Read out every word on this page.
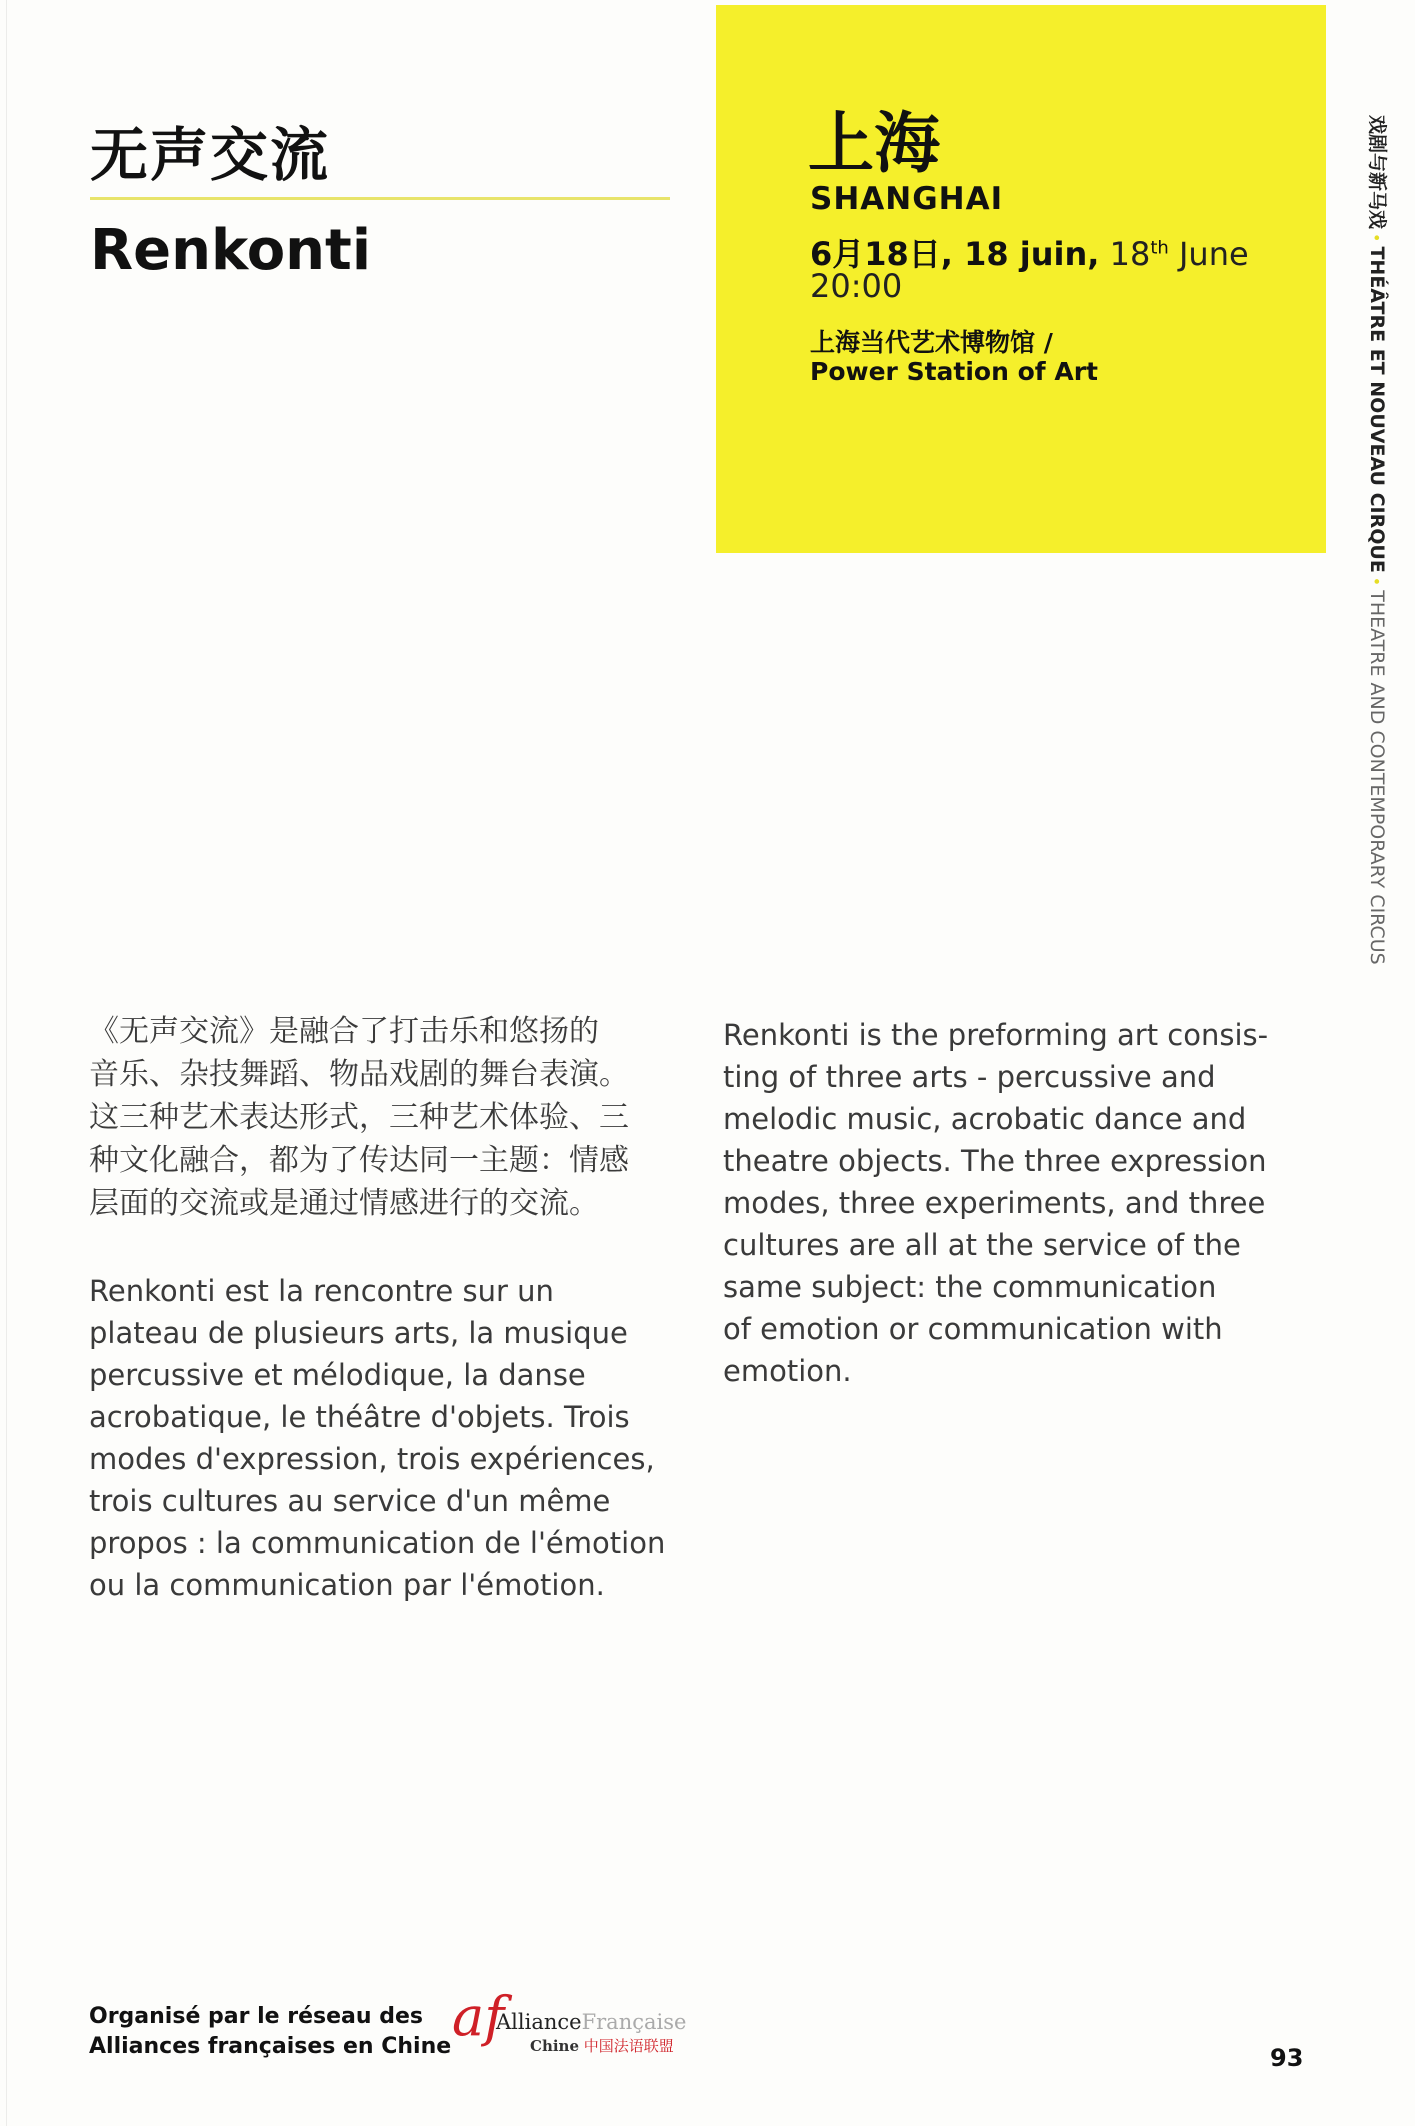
无声交流
Renkonti
上海
SHANGHAI
6月18日, 18 juin, 18th June
20:00
上海当代艺术博物馆 /
Power Station of Art
戏剧与新马戏•THÉÂTRE ET NOUVEAU CIRQUE•THEATRE AND CONTEMPORARY CIRCUS

《无声交流》是融合了打击乐和悠扬的

音乐、杂技舞蹈、物品戏剧的舞台表演。

这三种艺术表达形式，三种艺术体验、三

种文化融合，都为了传达同一主题：情感

层面的交流或是通过情感进行的交流。

Renkonti est la rencontre sur un

plateau de plusieurs arts, la musique

percussive et mélodique, la danse

acrobatique, le théâtre d'objets. Trois

modes d'expression, trois expériences,

trois cultures au service d'un même

propos : la communication de l'émotion

ou la communication par l'émotion.

Renkonti is the preforming art consis-

ting of three arts - percussive and

melodic music, acrobatic dance and

theatre objects. The three expression

modes, three experiments, and three

cultures are all at the service of the

same subject: the communication

of emotion or communication with

emotion.

Organisé par le réseau des
Alliances françaises en Chine af
AllianceFrançaise
Chine 中国法语联盟	93
